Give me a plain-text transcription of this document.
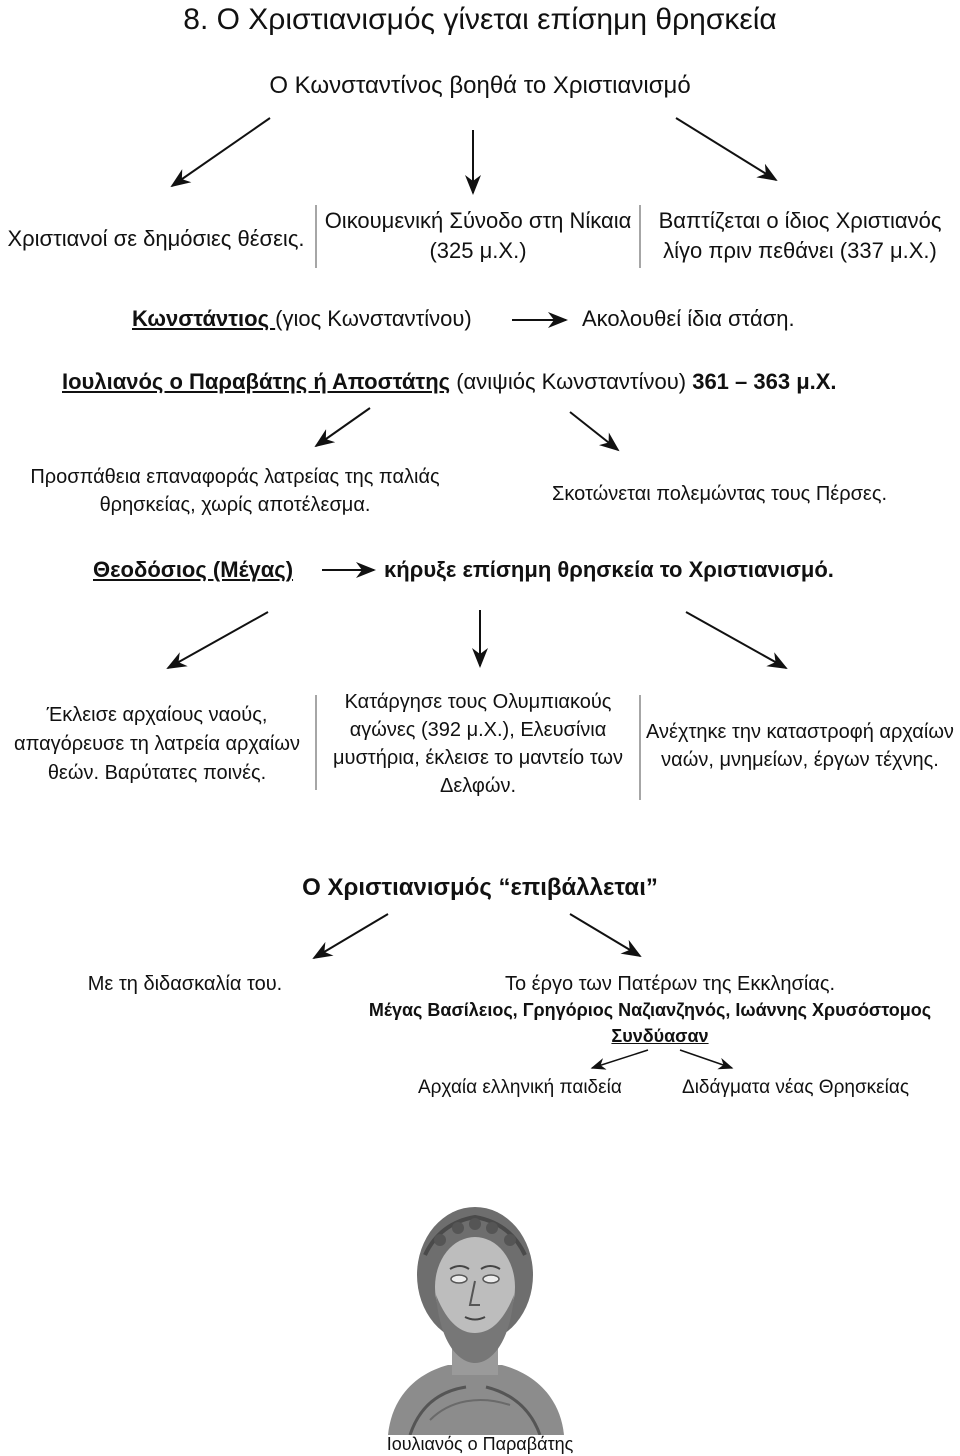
8. Ο Χριστιανισμός γίνεται επίσημη θρησκεία
Ο Κωνσταντίνος βοηθά το Χριστιανισμό
Χριστιανοί σε δημόσιες θέσεις.
Οικουμενική Σύνοδο στη Νίκαια
(325 μ.Χ.)
Βαπτίζεται ο ίδιος Χριστιανός
λίγο πριν πεθάνει (337 μ.Χ.)
Κωνστάντιος (γιος Κωνσταντίνου)	Ακολουθεί ίδια στάση.
Ιουλιανός ο Παραβάτης ή Αποστάτης (ανιψιός Κωνσταντίνου) 361 – 363 μ.Χ.
Προσπάθεια επαναφοράς λατρείας της παλιάς
θρησκείας, χωρίς αποτέλεσμα.	Σκοτώνεται πολεμώντας τους Πέρσες.
Θεοδόσιος (Μέγας)	κήρυξε επίσημη θρησκεία το Χριστιανισμό.
Έκλεισε αρχαίους ναούς,
απαγόρευσε τη λατρεία αρχαίων
θεών. Βαρύτατες ποινές.
Κατάργησε τους Ολυμπιακούς
αγώνες (392 μ.Χ.), Ελευσίνια
μυστήρια, έκλεισε το μαντείο των
Δελφών.
Ανέχτηκε την καταστροφή αρχαίων
ναών, μνημείων, έργων τέχνης.
Ο Χριστιανισμός “επιβάλλεται”
Με τη διδασκαλία του.	Το έργο των Πατέρων της Εκκλησίας.
Μέγας Βασίλειος, Γρηγόριος Ναζιανζηνός, Ιωάννης Χρυσόστομος
Συνδύασαν
Αρχαία ελληνική παιδεία	Διδάγματα νέας Θρησκείας
Ιουλιανός ο Παραβάτης
